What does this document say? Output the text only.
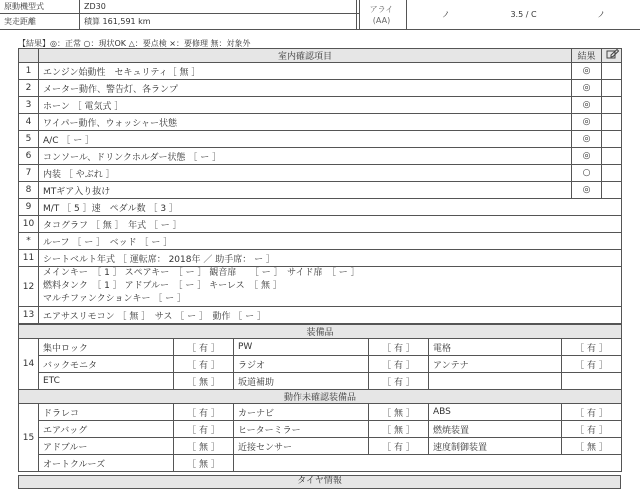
原動機型式	ZD30
実走距離	積算 161,591 km
アライ
(AA)	ノ	3.5 / C	ノ
【結果】◎：正常 ○：現状OK △：要点検 ×：要修理 無：対象外
	室内確認項目	結果	
1	エンジン始動性　セキュリティ［ 無 ］	◎	
2	メーター動作、警告灯、各ランプ	◎	
3	ホーン ［ 電気式 ］	◎	
4	ワイパー動作、ウォッシャー状態	◎	
5	A/C ［ ー ］	◎	
6	コンソール、ドリンクホルダー状態 ［ ー ］	◎	
7	内装 ［ やぶれ ］	○	
8	MTギア入り抜け	◎	
9	M/T ［ 5 ］速　ペダル数 ［ 3 ］		
10	タコグラフ ［ 無 ］　年式 ［ ー ］		
*	ルーフ ［ ー ］　ベッド ［ ー ］		
11	シートベルト年式 ［ 運転席： 2018年 ／ 助手席： ー ］		
12	メインキー　［ 1 ］ スペアキー　［ ー ］ 観音扉　　［ ー ］　サイド扉　［ ー ］
燃料タンク　［ 1 ］ アドブルー　［ ー ］ キーレス　［ 無 ］
マルチファンクションキー ［ ー ］		

13	エアサスリモコン ［ 無 ］　サス ［ ー ］　動作 ［ ー ］		
装備品						
14	集中ロック	［ 有 ］	PW	［ 有 ］	電格	［ 有 ］
	バックモニタ	［ 有 ］	ラジオ	［ 有 ］	アンテナ	［ 有 ］
	ETC	［ 無 ］	坂道補助	［ 有 ］		
動作未確認装備品						
15	ドラレコ	［ 有 ］	カーナビ	［ 無 ］	ABS	［ 有 ］
	エアバッグ	［ 有 ］	ヒーターミラー	［ 無 ］	燃焼装置	［ 有 ］
	アドブルー	［ 無 ］	近接センサー	［ 有 ］	速度制御装置	［ 無 ］
	オートクルーズ	［ 無 ］				
タイヤ情報
